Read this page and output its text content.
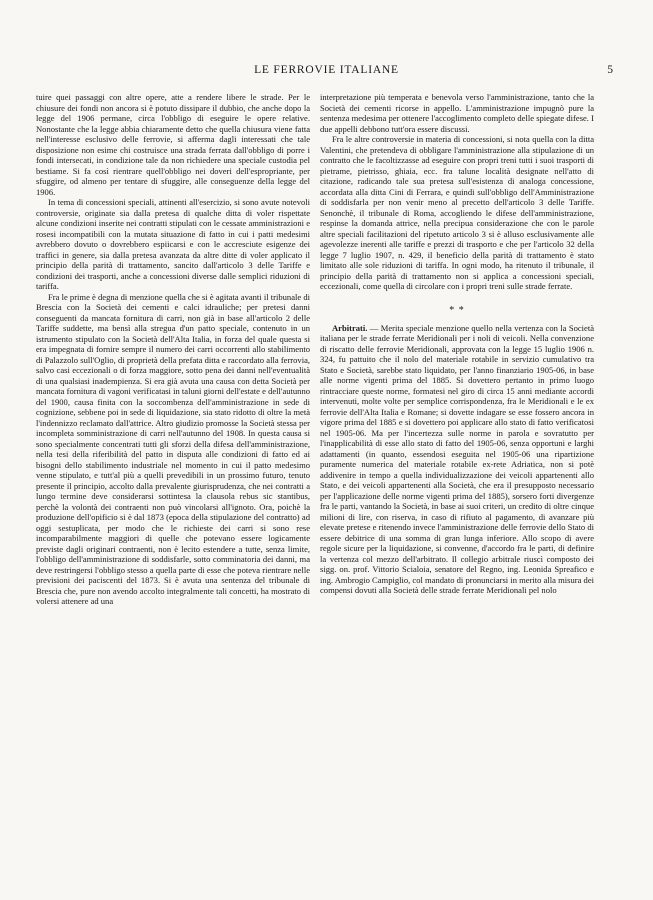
LE FERROVIE ITALIANE	5

tuire quei passaggi con altre opere, atte a rendere libere le strade. Per le chiusure dei fondi non ancora si è potuto dissipare il dubbio, che anche dopo la legge del 1906 permane, circa l'obbligo di eseguire le opere relative. Nonostante che la legge abbia chiaramente detto che quella chiusura viene fatta nell'interesse esclusivo delle ferrovie, si afferma dagli interessati che tale disposizione non esime chi costruisce una strada ferrata dall'obbligo di porre i fondi intersecati, in condizione tale da non richiedere una speciale custodia pel bestiame. Si fa così rientrare quell'obbligo nei doveri dell'espropriante, per sfuggire, od almeno per tentare di sfuggire, alle conseguenze della legge del 1906.

In tema di concessioni speciali, attinenti all'esercizio, si sono avute notevoli controversie, originate sia dalla pretesa di qualche ditta di voler rispettate alcune condizioni inserite nei contratti stipulati con le cessate amministrazioni e rosesi incompatibili con la mutata situazione di fatto in cui i patti medesimi avrebbero dovuto o dovrebbero espiicarsi e con le accresciute esigenze dei traffici in genere, sia dalla pretesa avanzata da altre ditte di voler applicato il principio della parità di trattamento, sancito dall'articolo 3 delle Tariffe e condizioni dei trasporti, anche a concessioni diverse dalle semplici riduzioni di tariffa.

Fra le prime è degna di menzione quella che si è agitata avanti il tribunale di Brescia con la Società dei cementi e calci idrauliche; per pretesi danni conseguenti da mancata fornitura di carri, non già in base all'articolo 2 delle Tariffe suddette, ma bensì alla stregua d'un patto speciale, contenuto in un istrumento stipulato con la Società dell'Alta Italia, in forza del quale questa si era impegnata di fornire sempre il numero dei carri occorrenti allo stabilimento di Palazzolo sull'Oglio, di proprietà della prefata ditta e raccordato alla ferrovia, salvo casi eccezionali o di forza maggiore, sotto pena dei danni nell'eventualità di una qualsiasi inadempienza. Si era già avuta una causa con detta Società per mancata fornitura di vagoni verificatasi in taluni giorni dell'estate e dell'autunno del 1900, causa finita con la soccombenza dell'amministrazione in sede di cognizione, sebbene poi in sede di liquidazione, sia stato ridotto di oltre la metà l'indennizzo reclamato dall'attrice. Altro giudizio promosse la Società stessa per incompleta somministrazione di carri nell'autunno del 1908. In questa causa si sono specialmente concentrati tutti gli sforzi della difesa dell'amministrazione, nella tesi della riferibilità del patto in disputa alle condizioni di fatto ed ai bisogni dello stabilimento industriale nel momento in cui il patto medesimo venne stipulato, e tutt'al più a quelli prevedibili in un prossimo futuro, tenuto presente il principio, accolto dalla prevalente giurisprudenza, che nei contratti a lungo termine deve considerarsi sottintesa la clausola rebus sic stantibus, perchè la volontà dei contraenti non può vincolarsi all'ignoto. Ora, poichè la produzione dell'opificio si è dal 1873 (epoca della stipulazione del contratto) ad oggi sestuplicata, per modo che le richieste dei carri si sono rese incomparabilmente maggiori di quelle che potevano essere logicamente previste dagli originari contraenti, non è lecito estendere a tutte, senza limite, l'obbligo dell'amministrazione di soddisfarle, sotto comminatoria dei danni, ma deve restringersi l'obbligo stesso a quella parte di esse che poteva rientrare nelle previsioni dei paciscenti del 1873. Si è avuta una sentenza del tribunale di Brescia che, pure non avendo accolto integralmente tali concetti, ha mostrato di volersi attenere ad una

interpretazione più temperata e benevola verso l'amministrazione, tanto che la Società dei cementi ricorse in appello. L'amministrazione impugnò pure la sentenza medesima per ottenere l'accoglimento completo delle spiegate difese. I due appelli debbono tutt'ora essere discussi.

Fra le altre controversie in materia di concessioni, si nota quella con la ditta Valentini, che pretendeva di obbligare l'amministrazione alla stipulazione di un contratto che le facoltizzasse ad eseguire con propri treni tutti i suoi trasporti di pietrame, pietrisso, ghiaia, ecc. fra talune località designate nell'atto di citazione, radicando tale sua pretesa sull'esistenza di analoga concessione, accordata alla ditta Cini di Ferrara, e quindi sull'obbligo dell'Amministrazione di soddisfarla per non venir meno al precetto dell'articolo 3 delle Tariffe. Senonchè, il tribunale di Roma, accogliendo le difese dell'amministrazione, respinse la domanda attrice, nella precipua considerazione che con le parole altre speciali facilitazioni del ripetuto articolo 3 si è alluso esclusivamente alle agevolezze inerenti alle tariffe e prezzi di trasporto e che per l'articolo 32 della legge 7 luglio 1907, n. 429, il beneficio della parità di trattamento è stato limitato alle sole riduzioni di tariffa. In ogni modo, ha ritenuto il tribunale, il principio della parità di trattamento non si applica a concessioni speciali, eccezionali, come quella di circolare con i propri treni sulle strade ferrate.

* *

Arbitrati. — Merita speciale menzione quello nella vertenza con la Società italiana per le strade ferrate Meridionali per i noli di veicoli. Nella convenzione di riscatto delle ferrovie Meridionali, approvata con la legge 15 luglio 1906 n. 324, fu pattuito che il nolo del materiale rotabile in servizio cumulativo tra Stato e Società, sarebbe stato liquidato, per l'anno finanziario 1905-06, in base alle norme vigenti prima del 1885. Si dovettero pertanto in primo luogo rintracciare queste norme, formatesi nel giro di circa 15 anni mediante accordi intervenuti, molte volte per semplice corrispondenza, fra le Meridionali e le ex ferrovie dell'Alta Italia e Romane; si dovette indagare se esse fossero ancora in vigore prima del 1885 e si dovettero poi applicare allo stato di fatto verificatosi nel 1905-06. Ma per l'incertezza sulle norme in parola e sovratutto per l'inapplicabilità di esse allo stato di fatto del 1905-06, senza opportuni e larghi adattamenti (in quanto, essendosi eseguita nel 1905-06 una ripartizione puramente numerica del materiale rotabile ex-rete Adriatica, non si potè addivenire in tempo a quella individualizzazione dei veicoli appartenenti allo Stato, e dei veicoli appartenenti alla Società, che era il presupposto necessario per l'applicazione delle norme vigenti prima del 1885), sorsero forti divergenze fra le parti, vantando la Società, in base ai suoi criteri, un credito di oltre cinque milioni di lire, con riserva, in caso di rifiuto al pagamento, di avanzare più elevate pretese e ritenendo invece l'amministrazione delle ferrovie dello Stato di essere debitrice di una somma di gran lunga inferiore. Allo scopo di avere regole sicure per la liquidazione, si convenne, d'accordo fra le parti, di definire la vertenza col mezzo dell'arbitrato. Il collegio arbitrale riuscì composto dei sigg. on. prof. Vittorio Scialoia, senatore del Regno, ing. Leonida Spreafico e ing. Ambrogio Campiglio, col mandato di pronunciarsi in merito alla misura dei compensi dovuti alla Società delle strade ferrate Meridionali pel nolo
